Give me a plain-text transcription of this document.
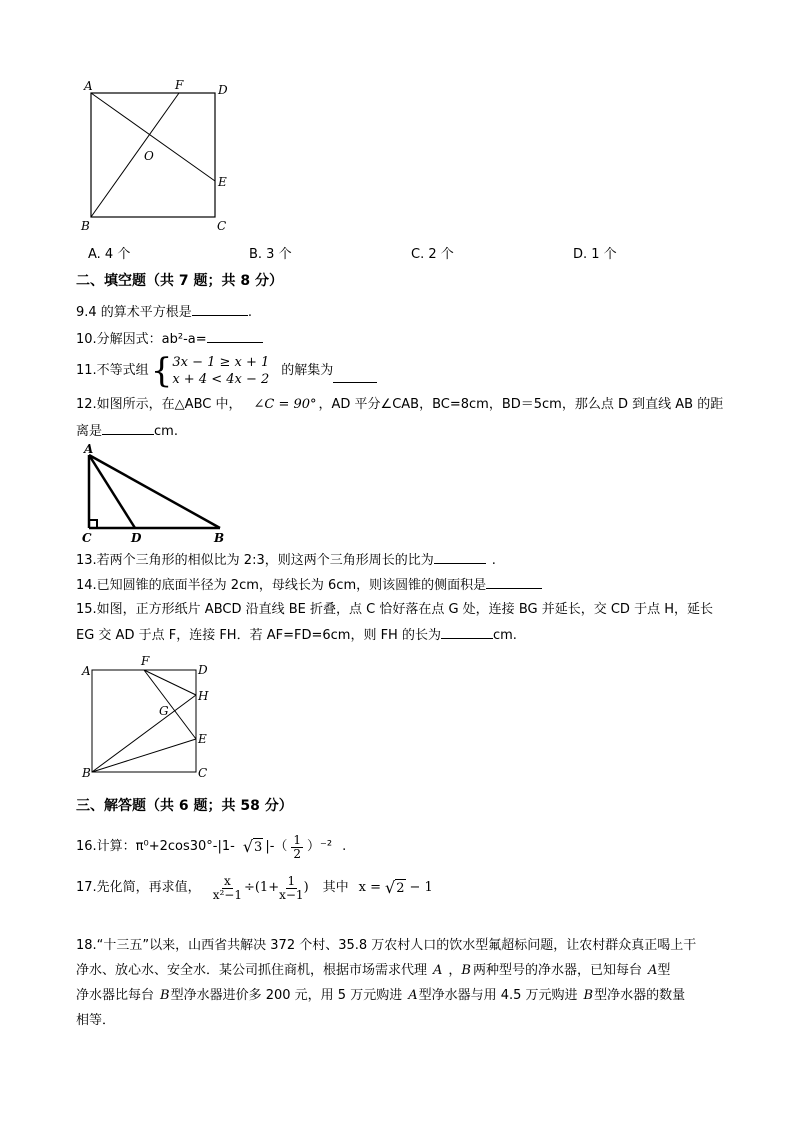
A	F	D
O
E
B	C
A. 4 个	B. 3 个	C. 2 个	D. 1 个
二、填空题（共 7 题；共 8 分）
9.4 的算术平方根是	.
10.分解因式：ab²-a=
11.不等式组 { 3x − 1 ≥ x + 1
x + 4 < 4x − 2
的解集为
12.如图所示，在△ABC 中， ∠C = 90° ，AD 平分∠CAB，BC=8cm，BD＝5cm，那么点 D 到直线 AB 的距
离是	cm.
A
C	D	B
13.若两个三角形的相似比为 2:3，则这两个三角形周长的比为	.
14.已知圆锥的底面半径为 2cm，母线长为 6cm，则该圆锥的侧面积是
15.如图，正方形纸片 ABCD 沿直线 BE 折叠，点 C 恰好落在点 G 处，连接 BG 并延长，交 CD 于点 H，延长
EG 交 AD 于点 F，连接 FH．若 AF=FD=6cm，则 FH 的长为	cm.
A
F
D
H
G
E
B	C
三、解答题（共 6 题；共 58 分）
16.计算：π⁰+2cos30°-|1- √ 3 |-（ $\frac{1}{2} )^{-2}$ .
17.先化简，再求值， $\frac{x}{\text{x²−1}} \div(1+ \frac{1}{x-1}$ ) 其中 x = √ 2 − 1
18.“十三五”以来，山西省共解决 372 个村、35.8 万农村人口的饮水型氟超标问题，让农村群众真正喝上干
净水、放心水、安全水．某公司抓住商机，根据市场需求代理 A ，B 两种型号的净水器，已知每台 A型
净水器比每台 B型净水器进价多 200 元，用 5 万元购进 A型净水器与用 4.5 万元购进 B型净水器的数量
相等．
